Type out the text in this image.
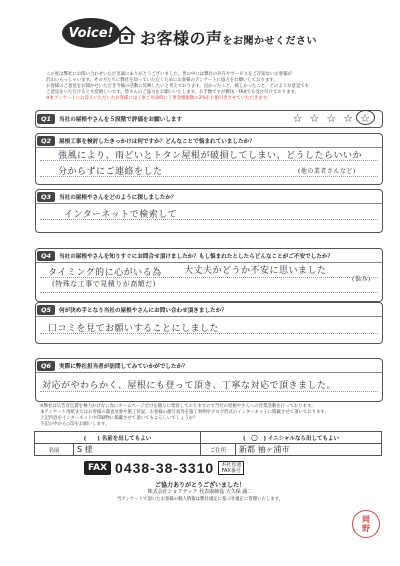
Voice! お客様の声をお聞かせください
この度は弊社にお問い合わせいただき誠にありがとうございました。世の中には弊社の存在やサービスをご存知ないお客様が
沢山いらっしゃいます。その方たちに弊社を知っていただくためにお客様のアンケートに協力をお願いしております。
お客様のご意見をお聞かせいただき今後の活動に反映したいと考えております。良かったこと、嬉しかったこと、どのような意見でも
ご意見をいただけると大変嬉しいです。皆さんのご協力をお願いいたします。お手数ですが郵送・FAXでも受け付けております。
※本アンケートにお答えいただいたお客様には工事ご用命時に工事金額総額の2%をお値引きさせていただきます。
Q1	当社の屋根やさんを５段階で評価をお願いします	☆ ☆ ☆ ☆ ☆
Q2	屋根工事を検討したきっかけは何ですか？どんなことで悩まれていましたか？
強風により、雨どいとトタン屋根が破損してしまい、どうしたらいいか
分からずにご連絡をした	(他の業者さんなど)
Q3	当社の屋根やさんをどのように探しましたか？
インターネットで検索して
Q4	当社の屋根やさんを知りすぐにお問合せ頂けましたか？もし悩まれたとしたらどんなことがご不安でしたか？
タイミング的に心がいる為 大丈夫かどうか不安に思いました
(特殊な工事で見積りが高額だ)
(悩み)
Q5	何が決め手となり当社の屋根やさんにお問い合わせ頂きましたか？
口コミを見てお願いすることにしました
Q6	実際に弊社担当者が訪問してみていかがでしたか？
対応がやわらかく、屋根にも登って頂き、丁寧な対応で頂きました。
※弊社は広告宣伝費を極力かけない為にホームページだけを頼りに集客しておりますので当社の屋根やさんへの営業活動を行っております。
本アンケート用紙またはお客様の調査気象や施工状況、お客様の顔写真等を施工事例やブログ形式のインターネットに掲載させて頂いております。
上記内容をインターネット中印刷物に掲載させて頂いてもよろしいでしょうか？
下記の中から○印をお願いします。
(　　) 名前を出してもよい		(　○　) イニシャルなら出してもよい	
名前	S 様	ご住所	新都 袖ヶ浦市
FAX 0438-38-3310 本社直通
FAX番号
ご協力ありがとうございました！
株式会社ショアテック 代表取締役 大久保 誠二
当アンケートで頂いたお客様の個人情報は弊社規定に基づき適正に管理いたします。
岡
野
